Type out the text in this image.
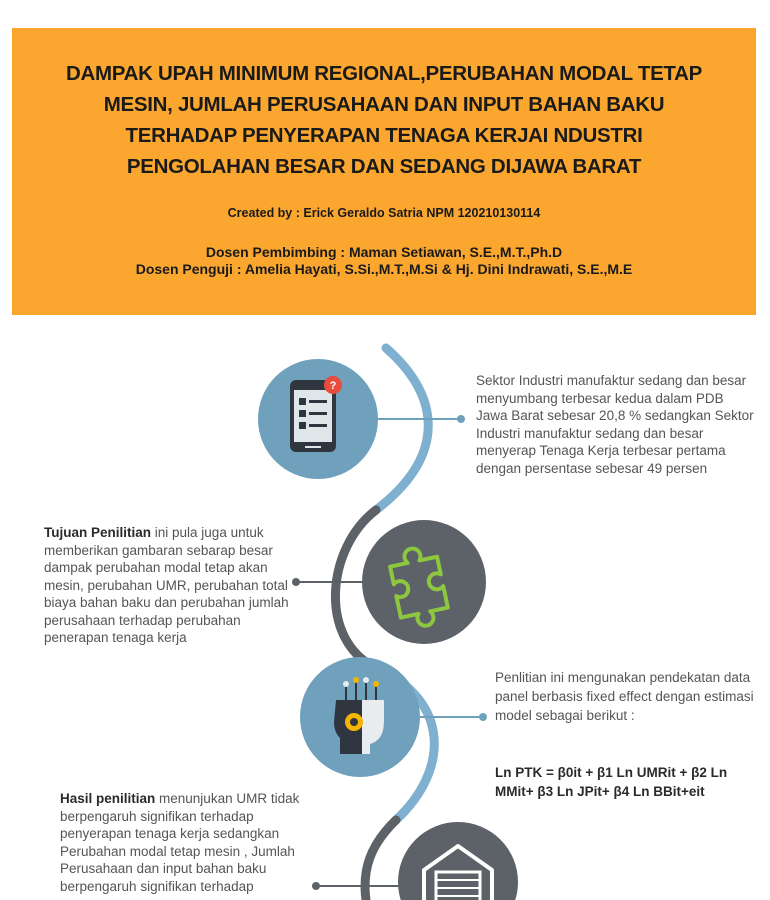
DAMPAK UPAH MINIMUM REGIONAL,PERUBAHAN MODAL TETAP MESIN, JUMLAH PERUSAHAAN DAN INPUT BAHAN BAKU TERHADAP PENYERAPAN TENAGA KERJAI NDUSTRI PENGOLAHAN BESAR DAN SEDANG DIJAWA BARAT
Created by : Erick Geraldo Satria NPM 120210130114
Dosen Pembimbing : Maman Setiawan, S.E.,M.T.,Ph.D
Dosen Penguji : Amelia Hayati, S.Si.,M.T.,M.Si & Hj. Dini Indrawati, S.E.,M.E
?	Sektor Industri manufaktur sedang dan besar menyumbang terbesar kedua dalam PDB Jawa Barat sebesar 20,8 % sedangkan Sektor Industri manufaktur sedang dan besar menyerap Tenaga Kerja terbesar pertama dengan persentase sebesar 49 persen
Tujuan Penilitian ini pula juga untuk memberikan gambaran sebarap besar dampak perubahan modal tetap akan mesin, perubahan UMR, perubahan total biaya bahan baku dan perubahan jumlah perusahaan terhadap perubahan penerapan tenaga kerja
Penlitian ini mengunakan pendekatan data panel berbasis fixed effect dengan estimasi model sebagai berikut :
Ln PTK = β0it + β1 Ln UMRit + β2 Ln MMit+ β3 Ln JPit+ β4 Ln BBit+eit
Hasil penilitian menunjukan UMR tidak berpengaruh signifikan terhadap penyerapan tenaga kerja sedangkan Perubahan modal tetap mesin , Jumlah Perusahaan dan input bahan baku berpengaruh signifikan terhadap
